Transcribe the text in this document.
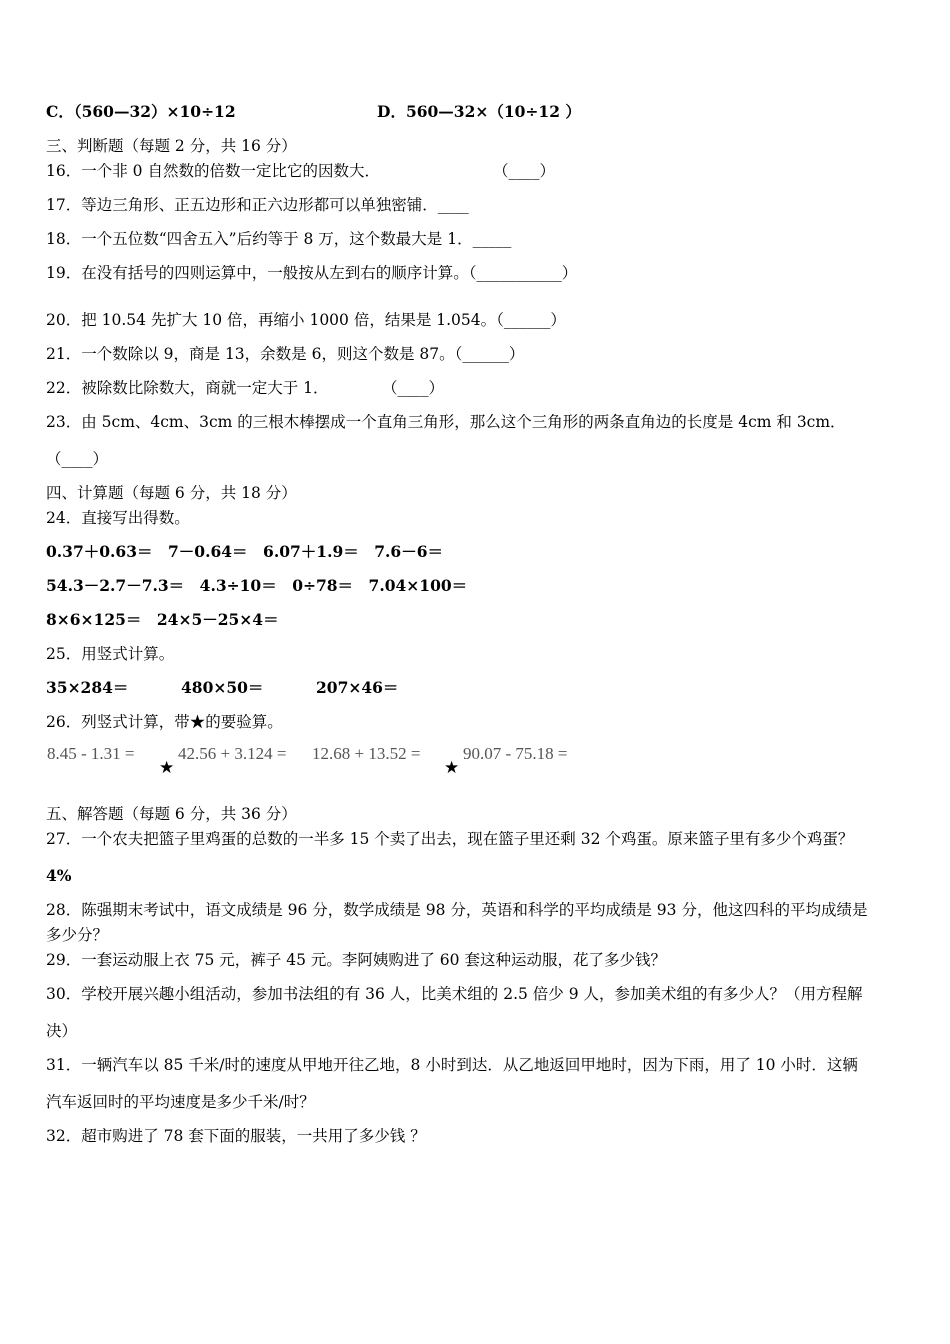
C．（560—32）×10÷12	D．560—32×（10÷12 ）
三、判断题（每题 2 分，共 16 分）
16．一个非 0 自然数的倍数一定比它的因数大．	（____）
17．等边三角形、正五边形和正六边形都可以单独密铺．____
18．一个五位数“四舍五入”后约等于 8 万，这个数最大是 1．_____
19．在没有括号的四则运算中，一般按从左到右的顺序计算。（___________）
20．把 10.54 先扩大 10 倍，再缩小 1000 倍，结果是 1.054。（______）
21．一个数除以 9，商是 13，余数是 6，则这个数是 87。（______）
22．被除数比除数大，商就一定大于 1．	（____）
23．由 5cm、4cm、3cm 的三根木棒摆成一个直角三角形，那么这个三角形的两条直角边的长度是 4cm 和 3cm．
（____）
四、计算题（每题 6 分，共 18 分）
24．直接写出得数。
0.37＋0.63＝　7－0.64＝　6.07＋1.9＝　7.6－6＝
54.3－2.7－7.3＝　4.3÷10＝　0÷78＝　7.04×100＝
8×6×125＝　24×5－25×4＝
25．用竖式计算。
35×284＝	480×50＝	207×46＝
26．列竖式计算，带★的要验算。
8.45 - 1.31 =
★
42.56 + 3.124 = 12.68 + 13.52 =
★
90.07 - 75.18 =
五、解答题（每题 6 分，共 36 分）
27．一个农夫把篮子里鸡蛋的总数的一半多 15 个卖了出去，现在篮子里还剩 32 个鸡蛋。原来篮子里有多少个鸡蛋？
4%
28．陈强期末考试中，语文成绩是 96 分，数学成绩是 98 分，英语和科学的平均成绩是 93 分，他这四科的平均成绩是
多少分？
29．一套运动服上衣 75 元，裤子 45 元。李阿姨购进了 60 套这种运动服，花了多少钱？
30．学校开展兴趣小组活动，参加书法组的有 36 人，比美术组的 2.5 倍少 9 人，参加美术组的有多少人？（用方程解
决）
31．一辆汽车以 85 千米/时的速度从甲地开往乙地，8 小时到达．从乙地返回甲地时，因为下雨，用了 10 小时．这辆
汽车返回时的平均速度是多少千米/时？
32．超市购进了 78 套下面的服装，一共用了多少钱 ？
